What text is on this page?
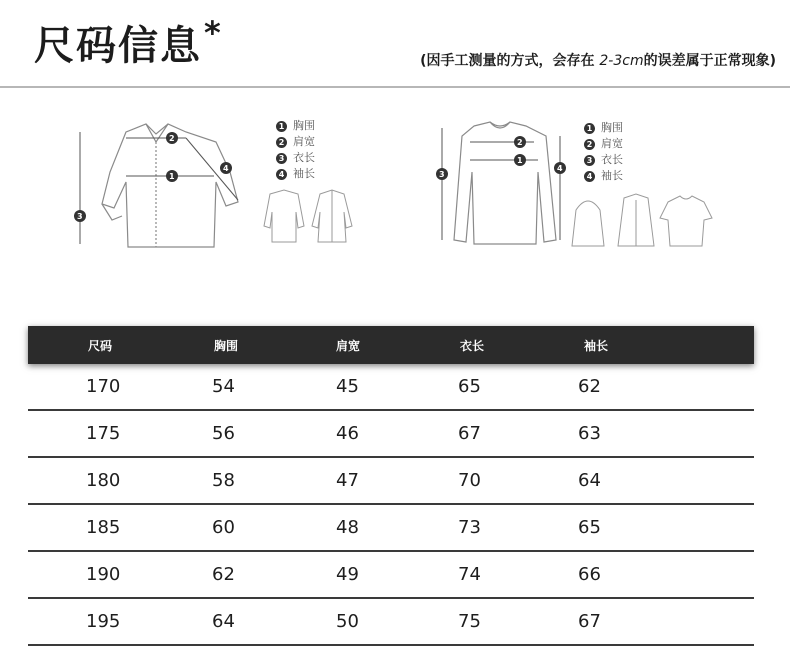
尺码信息*
(因手工测量的方式，会存在 2-3cm的误差属于正常现象)
1
2
3
4
1 胸围
2 肩宽
3 衣长
4 袖长
1
2
3
4
1 胸围
2 肩宽
3 衣长
4 袖长
尺码	胸围	肩宽	衣长	袖长
170	54	45	65	62
175	56	46	67	63
180	58	47	70	64
185	60	48	73	65
190	62	49	74	66
195	64	50	75	67
